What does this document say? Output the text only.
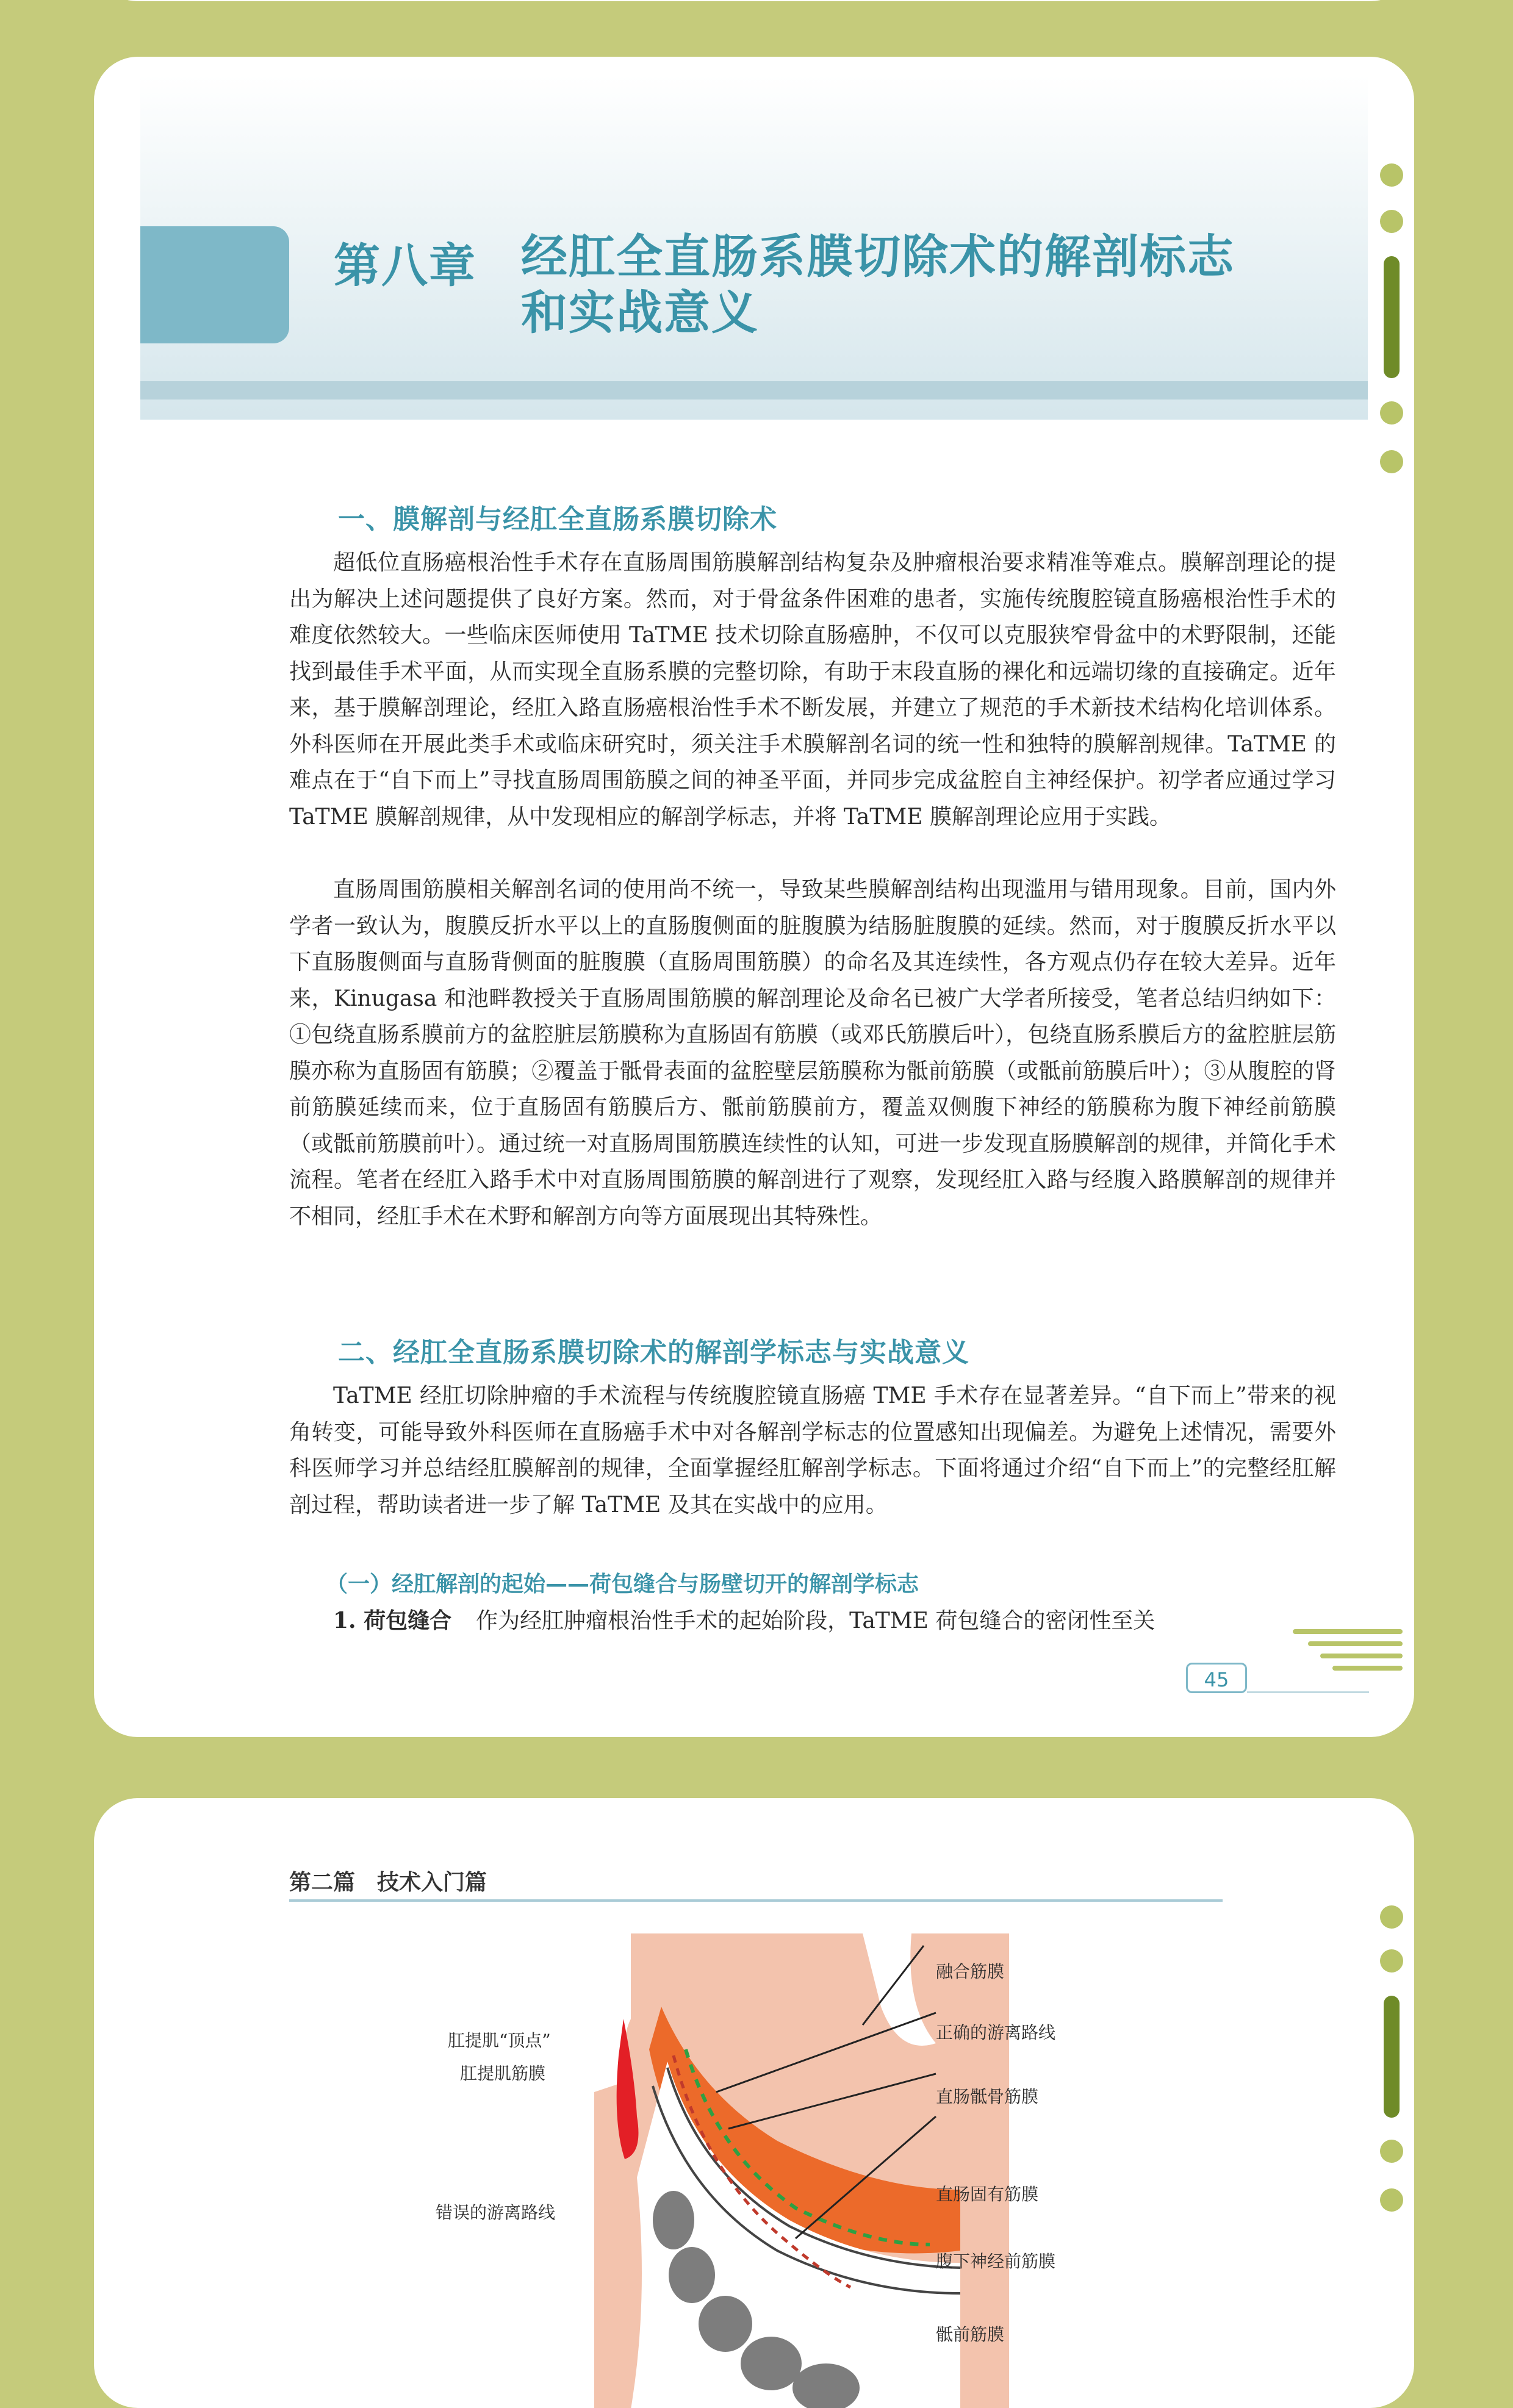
第八章 经肛全直肠系膜切除术的解剖标志和实战意义
一、膜解剖与经肛全直肠系膜切除术

超低位直肠癌根治性手术存在直肠周围筋膜解剖结构复杂及肿瘤根治要求精准等难点。膜解剖理论的提出为解决上述问题提供了良好方案。然而，对于骨盆条件困难的患者，实施传统腹腔镜直肠癌根治性手术的难度依然较大。一些临床医师使用 TaTME 技术切除直肠癌肿，不仅可以克服狭窄骨盆中的术野限制，还能找到最佳手术平面，从而实现全直肠系膜的完整切除，有助于末段直肠的裸化和远端切缘的直接确定。近年来，基于膜解剖理论，经肛入路直肠癌根治性手术不断发展，并建立了规范的手术新技术结构化培训体系。外科医师在开展此类手术或临床研究时，须关注手术膜解剖名词的统一性和独特的膜解剖规律。TaTME 的难点在于“自下而上”寻找直肠周围筋膜之间的神圣平面，并同步完成盆腔自主神经保护。初学者应通过学习 TaTME 膜解剖规律，从中发现相应的解剖学标志，并将 TaTME 膜解剖理论应用于实践。

直肠周围筋膜相关解剖名词的使用尚不统一，导致某些膜解剖结构出现滥用与错用现象。目前，国内外学者一致认为，腹膜反折水平以上的直肠腹侧面的脏腹膜为结肠脏腹膜的延续。然而，对于腹膜反折水平以下直肠腹侧面与直肠背侧面的脏腹膜（直肠周围筋膜）的命名及其连续性，各方观点仍存在较大差异。近年来，Kinugasa 和池畔教授关于直肠周围筋膜的解剖理论及命名已被广大学者所接受，笔者总结归纳如下：①包绕直肠系膜前方的盆腔脏层筋膜称为直肠固有筋膜（或邓氏筋膜后叶），包绕直肠系膜后方的盆腔脏层筋膜亦称为直肠固有筋膜；②覆盖于骶骨表面的盆腔壁层筋膜称为骶前筋膜（或骶前筋膜后叶）；③从腹腔的肾前筋膜延续而来，位于直肠固有筋膜后方、骶前筋膜前方，覆盖双侧腹下神经的筋膜称为腹下神经前筋膜（或骶前筋膜前叶）。通过统一对直肠周围筋膜连续性的认知，可进一步发现直肠膜解剖的规律，并简化手术流程。笔者在经肛入路手术中对直肠周围筋膜的解剖进行了观察，发现经肛入路与经腹入路膜解剖的规律并不相同，经肛手术在术野和解剖方向等方面展现出其特殊性。

二、经肛全直肠系膜切除术的解剖学标志与实战意义

TaTME 经肛切除肿瘤的手术流程与传统腹腔镜直肠癌 TME 手术存在显著差异。“自下而上”带来的视角转变，可能导致外科医师在直肠癌手术中对各解剖学标志的位置感知出现偏差。为避免上述情况，需要外科医师学习并总结经肛膜解剖的规律，全面掌握经肛解剖学标志。下面将通过介绍“自下而上”的完整经肛解剖过程，帮助读者进一步了解 TaTME 及其在实战中的应用。

（一）经肛解剖的起始——荷包缝合与肠壁切开的解剖学标志
1. 荷包缝合 作为经肛肿瘤根治性手术的起始阶段，TaTME 荷包缝合的密闭性至关
45
第二篇　技术入门篇
融合筋膜
正确的游离路线
直肠骶骨筋膜
直肠固有筋膜
腹下神经前筋膜
骶前筋膜
肛提肌“顶点”
肛提肌筋膜
错误的游离路线
